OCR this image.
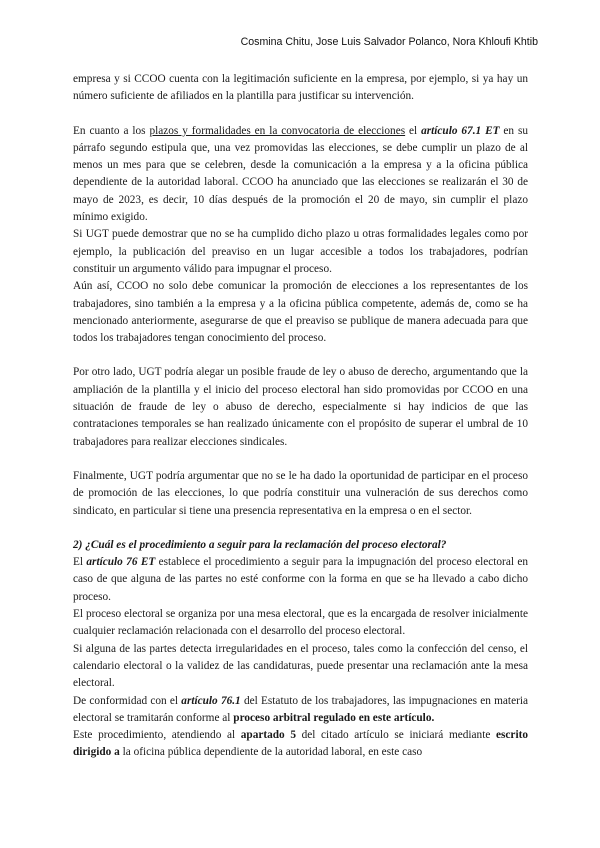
Cosmina Chitu, Jose Luis Salvador Polanco, Nora Khloufi Khtib

empresa y si CCOO cuenta con la legitimación suficiente en la empresa, por ejemplo, si ya hay un número suficiente de afiliados en la plantilla para justificar su intervención.

En cuanto a los plazos y formalidades en la convocatoria de elecciones el artículo 67.1 ET en su párrafo segundo estipula que, una vez promovidas las elecciones, se debe cumplir un plazo de al menos un mes para que se celebren, desde la comunicación a la empresa y a la oficina pública dependiente de la autoridad laboral. CCOO ha anunciado que las elecciones se realizarán el 30 de mayo de 2023, es decir, 10 días después de la promoción el 20 de mayo, sin cumplir el plazo mínimo exigido.

Si UGT puede demostrar que no se ha cumplido dicho plazo u otras formalidades legales como por ejemplo, la publicación del preaviso en un lugar accesible a todos los trabajadores, podrían constituir un argumento válido para impugnar el proceso.

Aún así, CCOO no solo debe comunicar la promoción de elecciones a los representantes de los trabajadores, sino también a la empresa y a la oficina pública competente, además de, como se ha mencionado anteriormente, asegurarse de que el preaviso se publique de manera adecuada para que todos los trabajadores tengan conocimiento del proceso.

Por otro lado, UGT podría alegar un posible fraude de ley o abuso de derecho, argumentando que la ampliación de la plantilla y el inicio del proceso electoral han sido promovidas por CCOO en una situación de fraude de ley o abuso de derecho, especialmente si hay indicios de que las contrataciones temporales se han realizado únicamente con el propósito de superar el umbral de 10 trabajadores para realizar elecciones sindicales.

Finalmente, UGT podría argumentar que no se le ha dado la oportunidad de participar en el proceso de promoción de las elecciones, lo que podría constituir una vulneración de sus derechos como sindicato, en particular si tiene una presencia representativa en la empresa o en el sector.

2) ¿Cuál es el procedimiento a seguir para la reclamación del proceso electoral?

El artículo 76 ET establece el procedimiento a seguir para la impugnación del proceso electoral en caso de que alguna de las partes no esté conforme con la forma en que se ha llevado a cabo dicho proceso.

El proceso electoral se organiza por una mesa electoral, que es la encargada de resolver inicialmente cualquier reclamación relacionada con el desarrollo del proceso electoral.

Si alguna de las partes detecta irregularidades en el proceso, tales como la confección del censo, el calendario electoral o la validez de las candidaturas, puede presentar una reclamación ante la mesa electoral.

De conformidad con el artículo 76.1 del Estatuto de los trabajadores, las impugnaciones en materia electoral se tramitarán conforme al proceso arbitral regulado en este artículo.

Este procedimiento, atendiendo al apartado 5 del citado artículo se iniciará mediante escrito dirigido a la oficina pública dependiente de la autoridad laboral, en este caso
